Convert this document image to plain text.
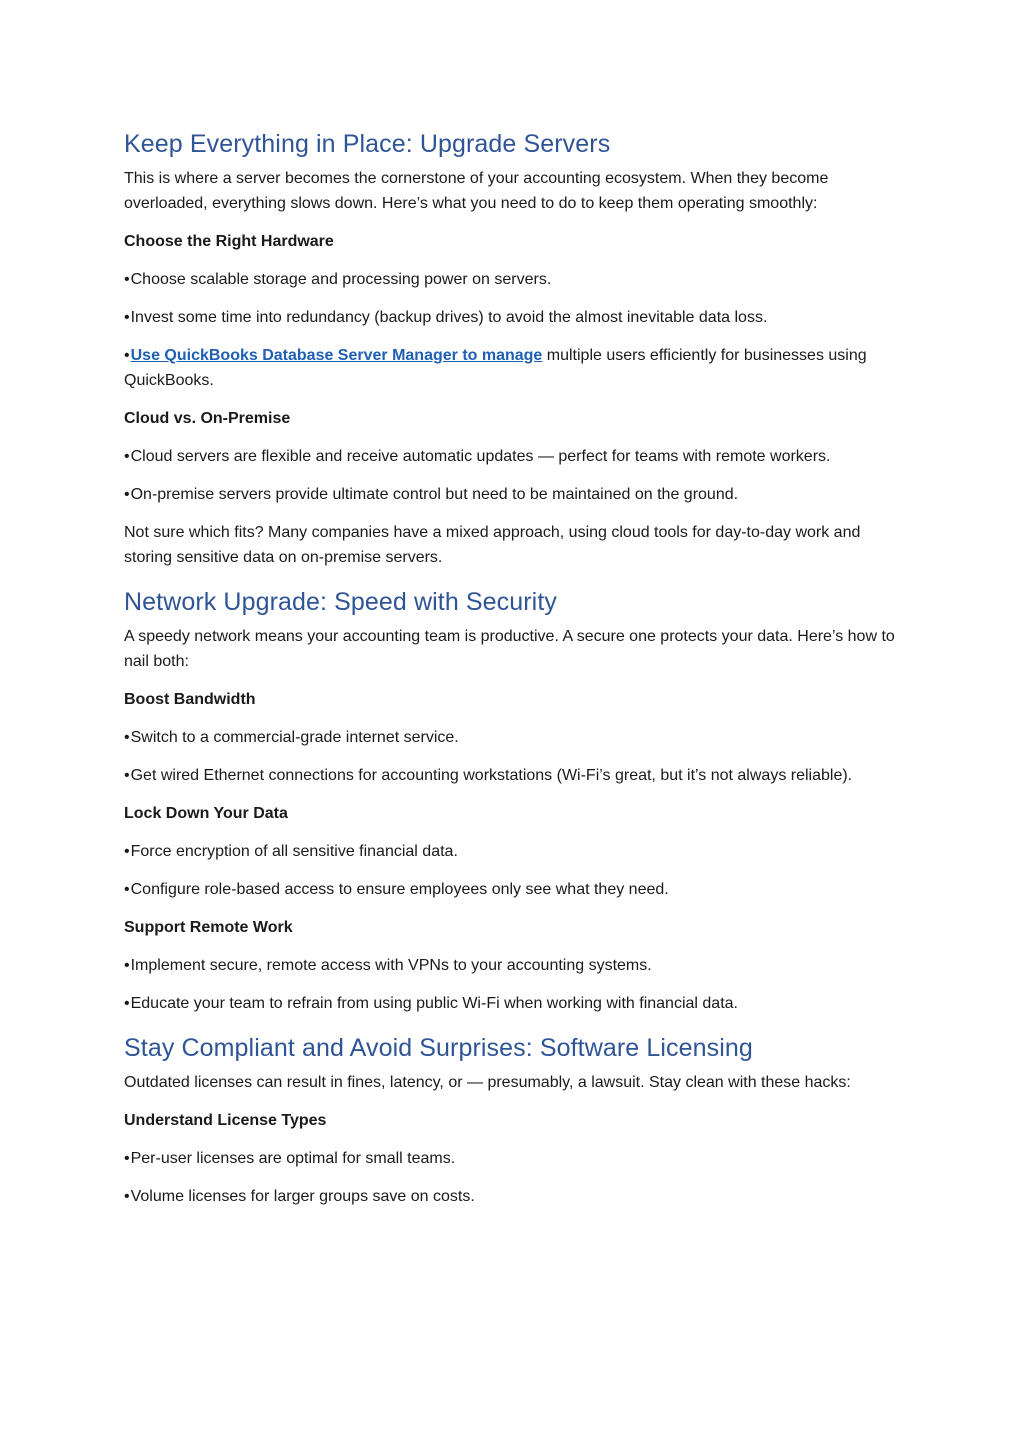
Keep Everything in Place: Upgrade Servers

This is where a server becomes the cornerstone of your accounting ecosystem. When they become overloaded, everything slows down. Here’s what you need to do to keep them operating smoothly:

Choose the Right Hardware

• Choose scalable storage and processing power on servers.

• Invest some time into redundancy (backup drives) to avoid the almost inevitable data loss.

• Use QuickBooks Database Server Manager to manage multiple users efficiently for businesses using QuickBooks.

Cloud vs. On-Premise

• Cloud servers are flexible and receive automatic updates — perfect for teams with remote workers.

• On-premise servers provide ultimate control but need to be maintained on the ground.

Not sure which fits? Many companies have a mixed approach, using cloud tools for day-to-day work and storing sensitive data on on-premise servers.

Network Upgrade: Speed with Security

A speedy network means your accounting team is productive. A secure one protects your data. Here’s how to nail both:

Boost Bandwidth

• Switch to a commercial-grade internet service.

• Get wired Ethernet connections for accounting workstations (Wi-Fi’s great, but it’s not always reliable).

Lock Down Your Data

• Force encryption of all sensitive financial data.

• Configure role-based access to ensure employees only see what they need.

Support Remote Work

• Implement secure, remote access with VPNs to your accounting systems.

• Educate your team to refrain from using public Wi-Fi when working with financial data.

Stay Compliant and Avoid Surprises: Software Licensing

Outdated licenses can result in fines, latency, or — presumably, a lawsuit. Stay clean with these hacks:

Understand License Types

• Per-user licenses are optimal for small teams.

• Volume licenses for larger groups save on costs.
